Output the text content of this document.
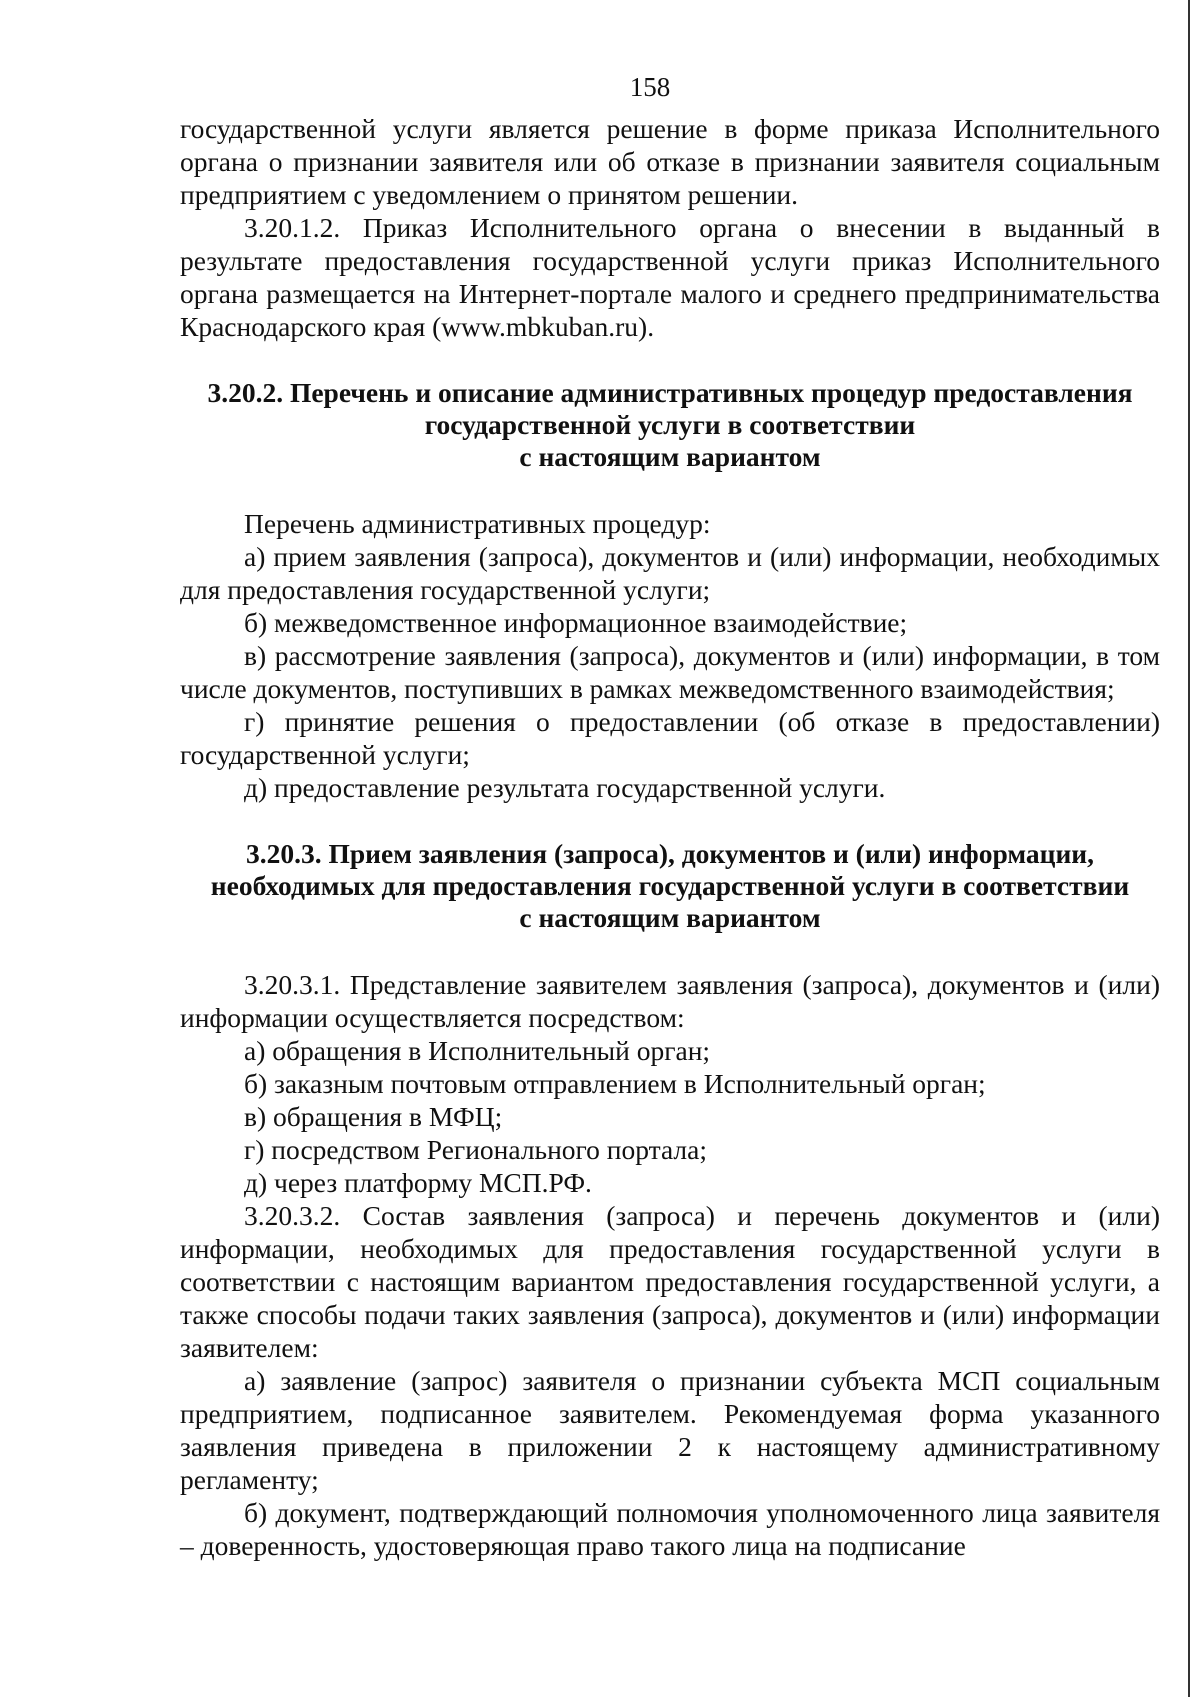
158

государственной услуги является решение в форме приказа Исполнительного органа о признании заявителя или об отказе в признании заявителя социальным предприятием с уведомлением о принятом решении.

3.20.1.2. Приказ Исполнительного органа о внесении в выданный в результате предоставления государственной услуги приказ Исполнительного органа размещается на Интернет-портале малого и среднего предпринимательства Краснодарского края (www.mbkuban.ru).

3.20.2. Перечень и описание административных процедур предоставления
государственной услуги в соответствии
с настоящим вариантом

Перечень административных процедур:

а) прием заявления (запроса), документов и (или) информации, необходимых для предоставления государственной услуги;

б) межведомственное информационное взаимодействие;

в) рассмотрение заявления (запроса), документов и (или) информации, в том числе документов, поступивших в рамках межведомственного взаимодействия;

г) принятие решения о предоставлении (об отказе в предоставлении) государственной услуги;

д) предоставление результата государственной услуги.

3.20.3. Прием заявления (запроса), документов и (или) информации,
необходимых для предоставления государственной услуги в соответствии
с настоящим вариантом

3.20.3.1. Представление заявителем заявления (запроса), документов и (или) информации осуществляется посредством:

а) обращения в Исполнительный орган;

б) заказным почтовым отправлением в Исполнительный орган;

в) обращения в МФЦ;

г) посредством Регионального портала;

д) через платформу МСП.РФ.

3.20.3.2. Состав заявления (запроса) и перечень документов и (или) информации, необходимых для предоставления государственной услуги в соответствии с настоящим вариантом предоставления государственной услуги, а также способы подачи таких заявления (запроса), документов и (или) информации заявителем:

а) заявление (запрос) заявителя о признании субъекта МСП социальным предприятием, подписанное заявителем. Рекомендуемая форма указанного заявления приведена в приложении 2 к настоящему административному регламенту;

б) документ, подтверждающий полномочия уполномоченного лица заявителя – доверенность, удостоверяющая право такого лица на подписание
